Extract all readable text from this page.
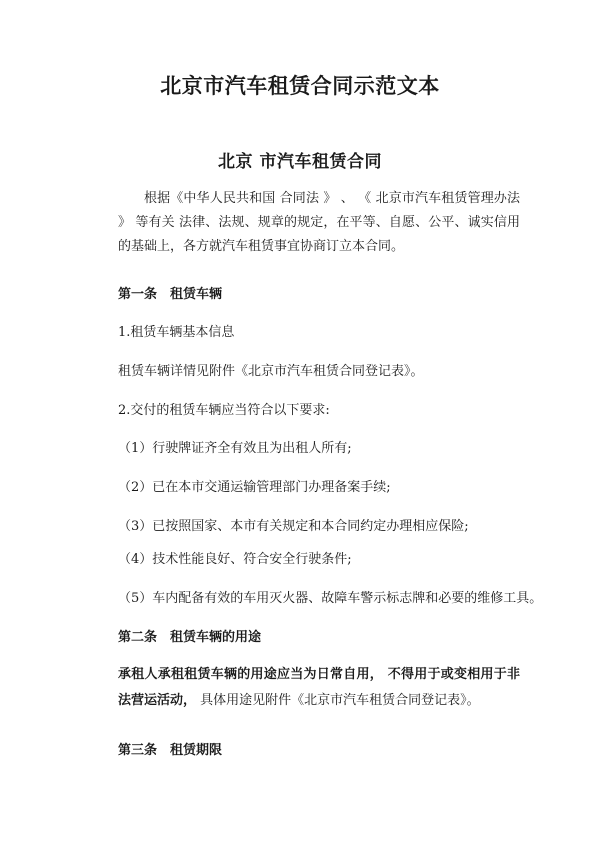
北京市汽车租赁合同示范文本
北京 市汽车租赁合同
根据《中华人民共和国 合同法 》 、 《 北京市汽车租赁管理办法 》 等有关 法律、法规、规章的规定，在平等、自愿、公平、诚实信用的基础上，各方就汽车租赁事宜协商订立本合同。
第一条　租赁车辆
1.租赁车辆基本信息
租赁车辆详情见附件《北京市汽车租赁合同登记表》。
2.交付的租赁车辆应当符合以下要求:
（1）行驶牌证齐全有效且为出租人所有;
（2）已在本市交通运输管理部门办理备案手续;
（3）已按照国家、本市有关规定和本合同约定办理相应保险;
（4）技术性能良好、符合安全行驶条件;
（5）车内配备有效的车用灭火器、故障车警示标志牌和必要的维修工具。
第二条　租赁车辆的用途
承租人承租租赁车辆的用途应当为日常自用， 不得用于或变相用于非法营运活动， 具体用途见附件《北京市汽车租赁合同登记表》。
第三条　租赁期限
